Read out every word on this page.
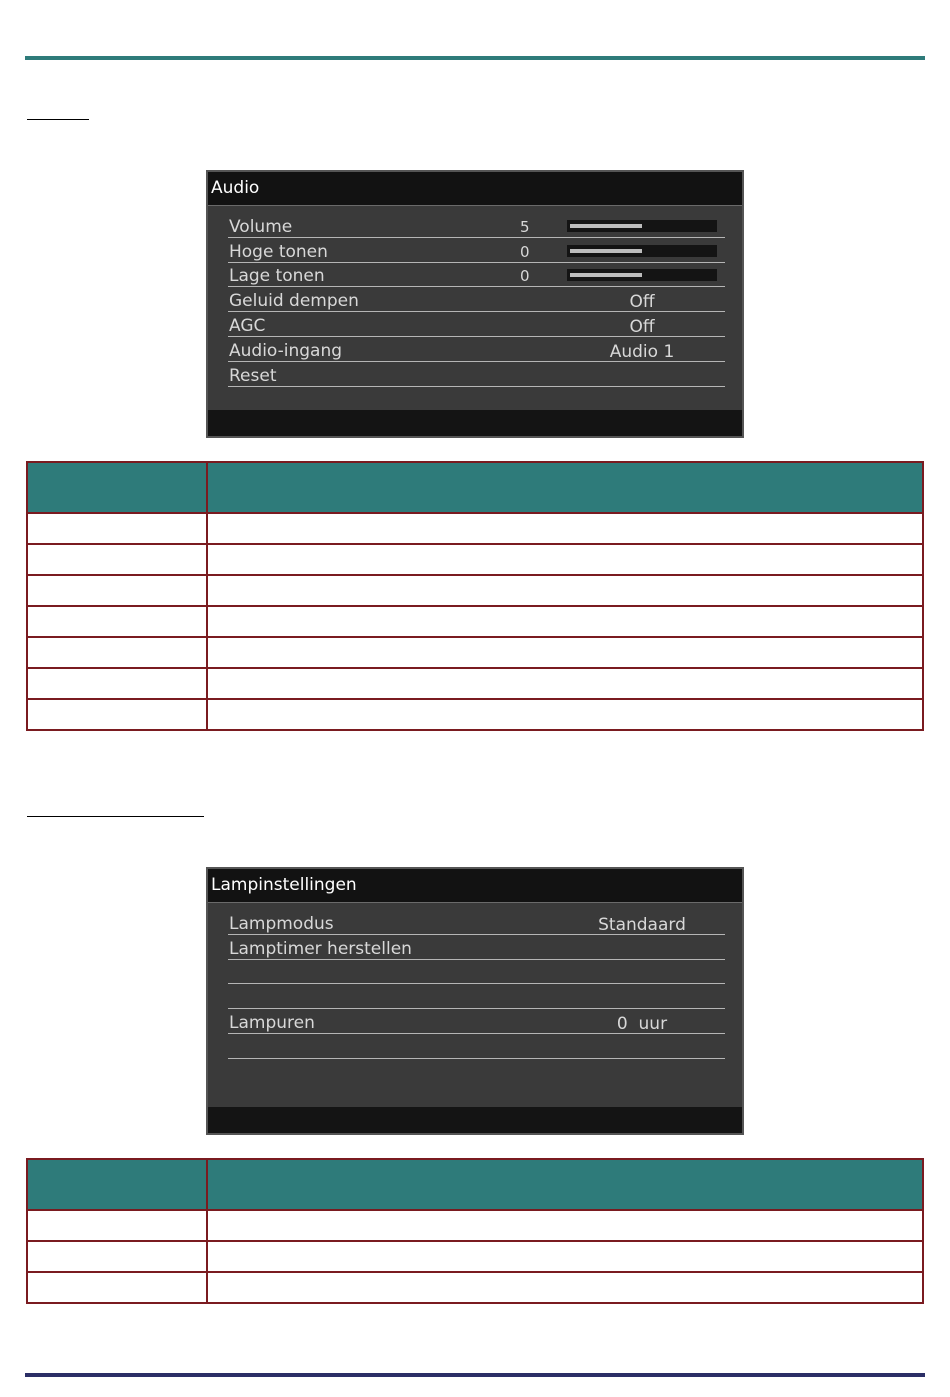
Audio
Volume	5
Hoge tonen	0
Lage tonen	0
Geluid dempen	Off
AGC	Off
Audio-ingang	Audio 1
Reset

Lampinstellingen
Lampmodus	Standaard
Lamptimer herstellen
Lampuren	0  uur
